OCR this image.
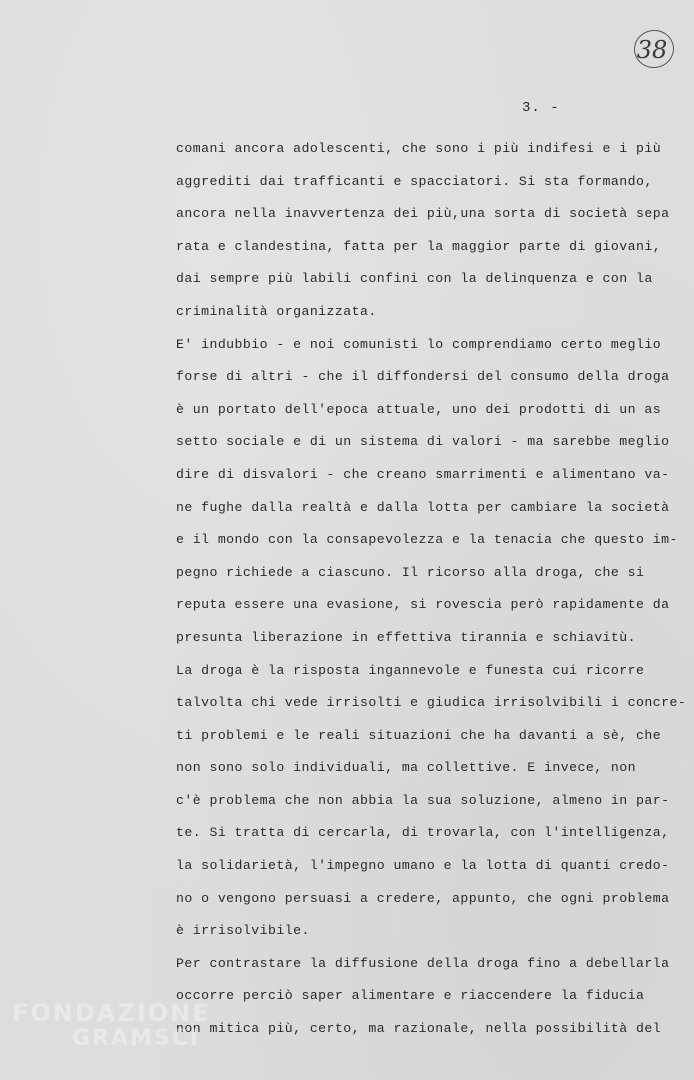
38
3. -
comani ancora adolescenti, che sono i più indifesi e i più
aggrediti dai trafficanti e spacciatori. Si sta formando,
ancora nella inavvertenza dei più,una sorta di società sepa
rata e clandestina, fatta per la maggior parte di giovani,
dai sempre più labili confini con la delinquenza e con la
criminalità organizzata.
E' indubbio - e noi comunisti lo comprendiamo certo meglio
forse di altri - che il diffondersi del consumo della droga
è un portato dell'epoca attuale, uno dei prodotti di un as
setto sociale e di un sistema di valori - ma sarebbe meglio
dire di disvalori - che creano smarrimenti e alimentano va-
ne fughe dalla realtà e dalla lotta per cambiare la società
e il mondo con la consapevolezza e la tenacia che questo im-
pegno richiede a ciascuno. Il ricorso alla droga, che si
reputa essere una evasione, si rovescia però rapidamente da
presunta liberazione in effettiva tirannia e schiavitù.
La droga è la risposta ingannevole e funesta cui ricorre
talvolta chi vede irrisolti e giudica irrisolvibili i concre-
ti problemi e le reali situazioni che ha davanti a sè, che
non sono solo individuali, ma collettive. E invece, non
c'è problema che non abbia la sua soluzione, almeno in par-
te. Si tratta di cercarla, di trovarla, con l'intelligenza,
la solidarietà, l'impegno umano e la lotta di quanti credo-
no o vengono persuasi a credere, appunto, che ogni problema
è irrisolvibile.
Per contrastare la diffusione della droga fino a debellarla
occorre perciò saper alimentare e riaccendere la fiducia
non mitica più, certo, ma razionale, nella possibilità del
FONDAZIONE
GRAMSCI
